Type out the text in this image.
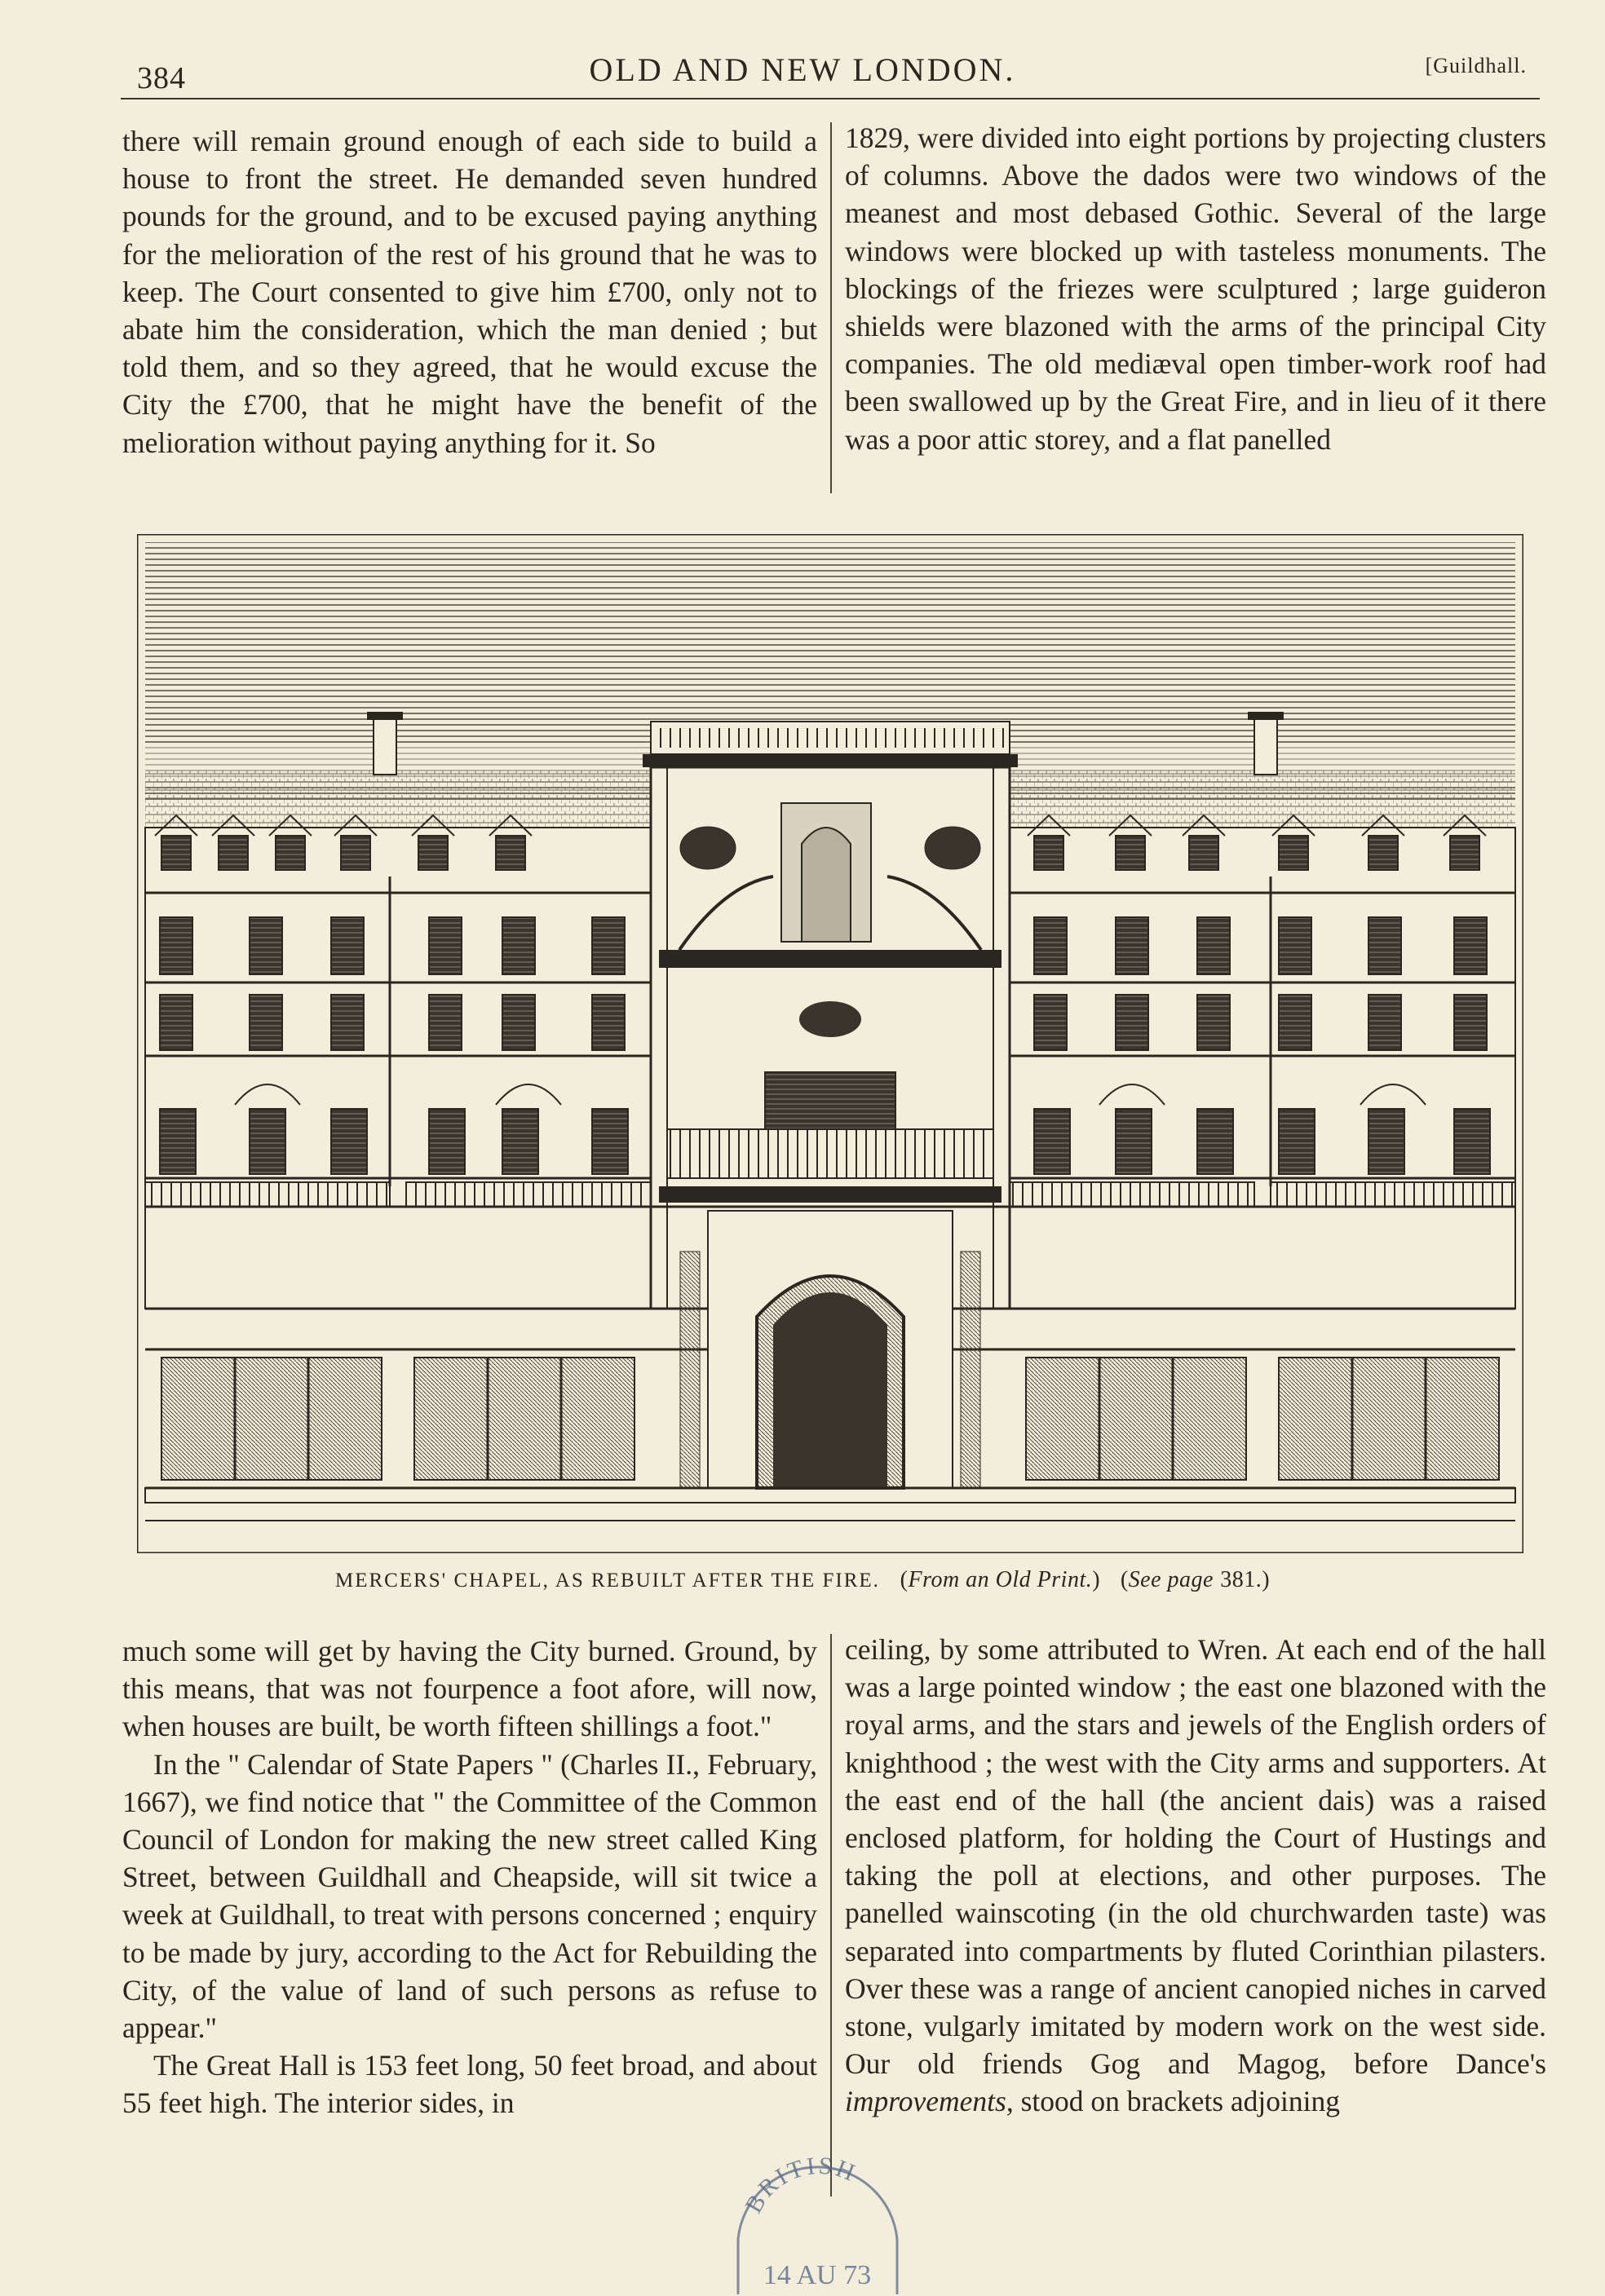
384	OLD AND NEW LONDON.	[Guildhall.

there will remain ground enough of each side to build a house to front the street. He demanded seven hundred pounds for the ground, and to be excused paying anything for the melioration of the rest of his ground that he was to keep. The Court consented to give him £700, only not to abate him the consideration, which the man denied ; but told them, and so they agreed, that he would excuse the City the £700, that he might have the benefit of the melioration without paying anything for it. So

1829, were divided into eight portions by projecting clusters of columns. Above the dados were two windows of the meanest and most debased Gothic. Several of the large windows were blocked up with tasteless monuments. The blockings of the friezes were sculptured ; large guideron shields were blazoned with the arms of the principal City companies. The old mediæval open timber-work roof had been swallowed up by the Great Fire, and in lieu of it there was a poor attic storey, and a flat panelled

MERCERS' CHAPEL, AS REBUILT AFTER THE FIRE. (From an Old Print.) (See page 381.)

much some will get by having the City burned. Ground, by this means, that was not fourpence a foot afore, will now, when houses are built, be worth fifteen shillings a foot."

In the " Calendar of State Papers " (Charles II., February, 1667), we find notice that " the Committee of the Common Council of London for making the new street called King Street, between Guildhall and Cheapside, will sit twice a week at Guildhall, to treat with persons concerned ; enquiry to be made by jury, according to the Act for Rebuilding the City, of the value of land of such persons as refuse to appear."

The Great Hall is 153 feet long, 50 feet broad, and about 55 feet high. The interior sides, in

ceiling, by some attributed to Wren. At each end of the hall was a large pointed window ; the east one blazoned with the royal arms, and the stars and jewels of the English orders of knighthood ; the west with the City arms and supporters. At the east end of the hall (the ancient dais) was a raised enclosed platform, for holding the Court of Hustings and taking the poll at elections, and other purposes. The panelled wainscoting (in the old churchwarden taste) was separated into compartments by fluted Corinthian pilasters. Over these was a range of ancient canopied niches in carved stone, vulgarly imitated by modern work on the west side. Our old friends Gog and Magog, before Dance's improvements, stood on brackets adjoining

BRITISH
14 AU 73
